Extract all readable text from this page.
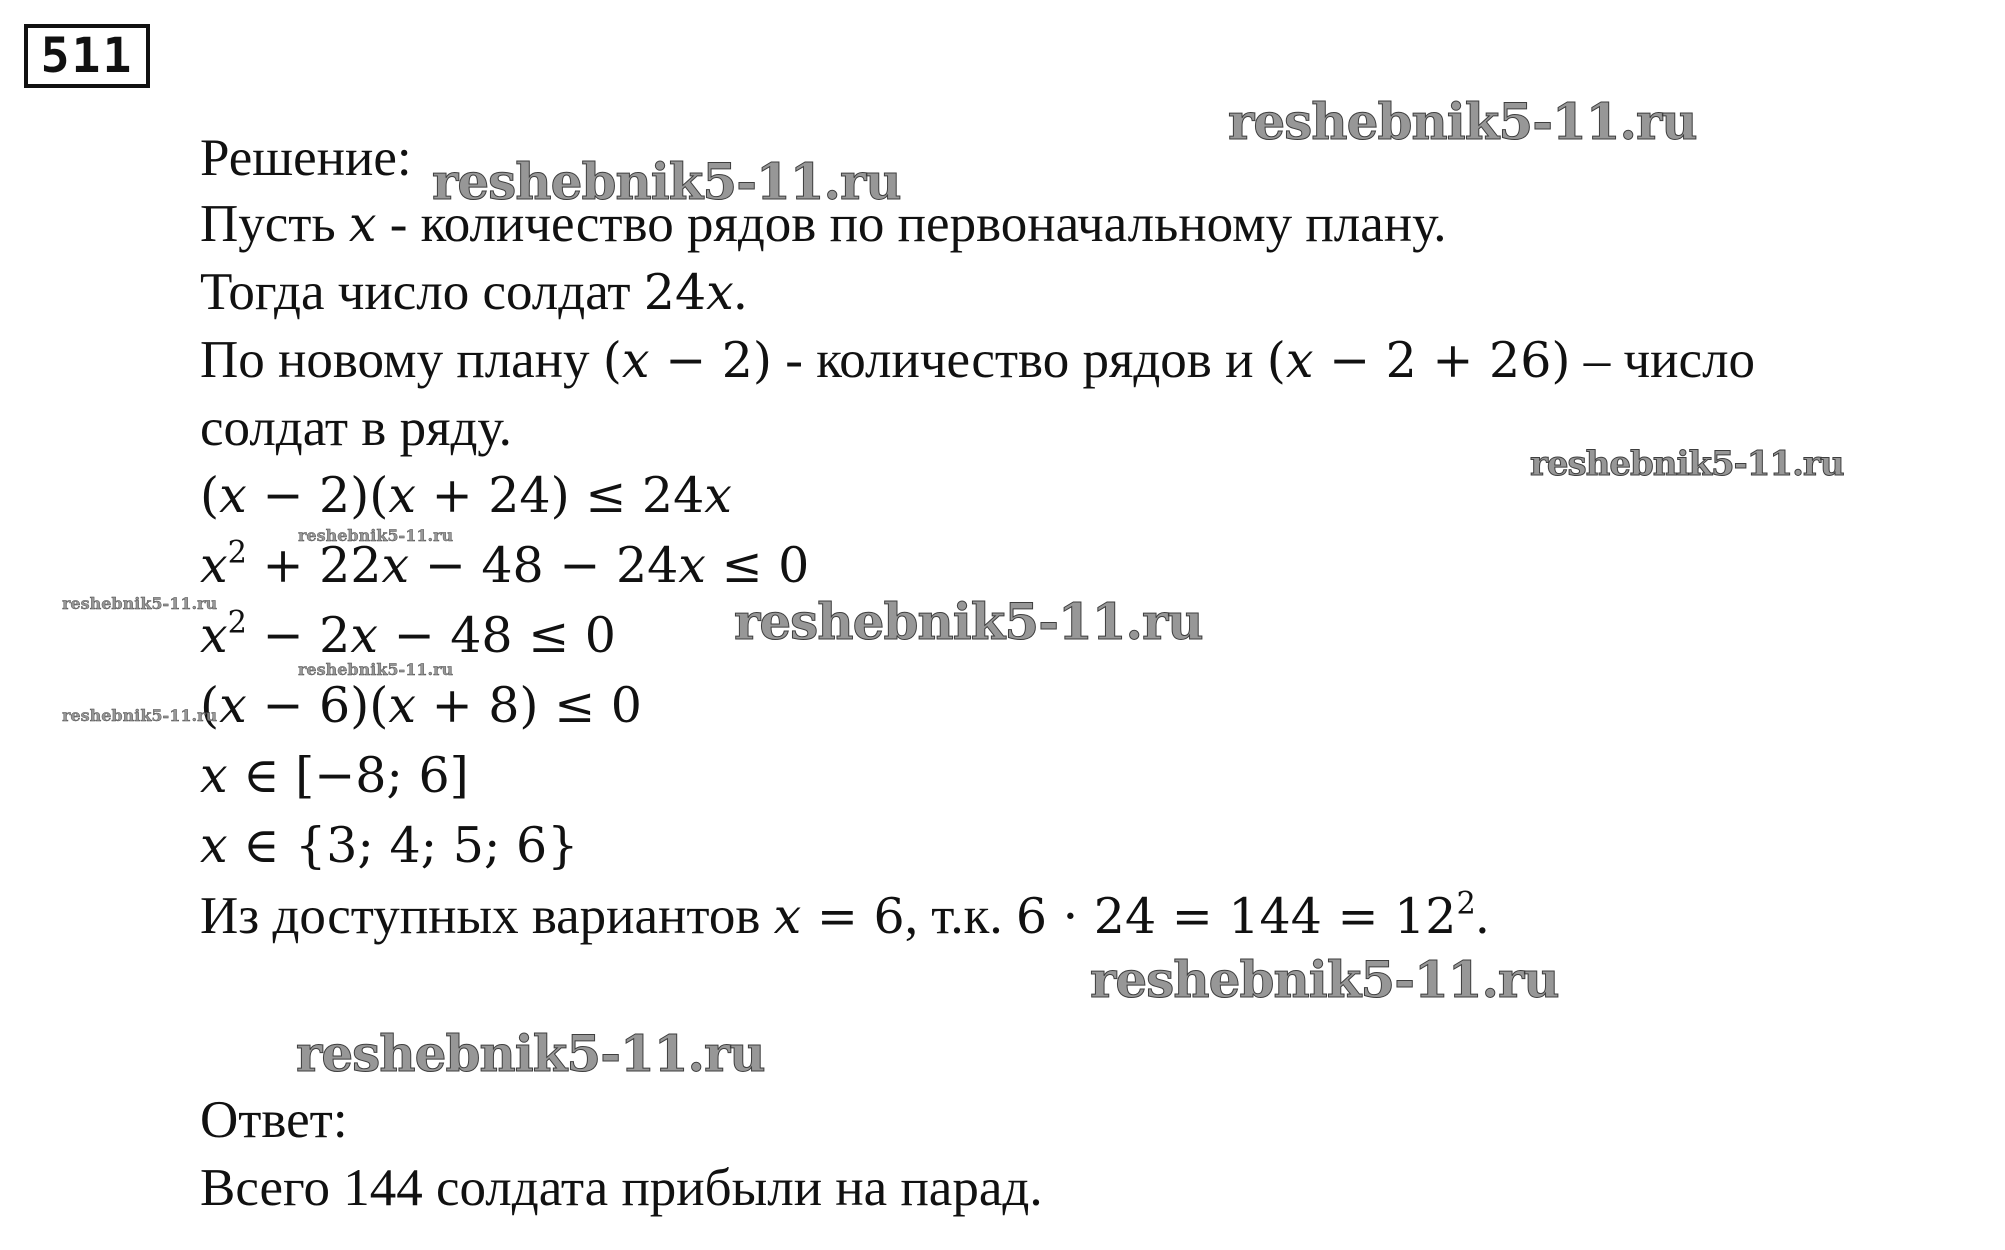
511
Решение:
Пусть x - количество рядов по первоначальному плану.
Тогда число солдат 24x.
По новому плану (x − 2) - количество рядов и (x − 2 + 26) – число
солдат в ряду.
(x − 2)(x + 24) ≤ 24x
$x^2 + 22x - 48 - 24x \le 0$
$x^2 - 2x - 48 \le 0$
(x − 6)(x + 8) ≤ 0
x ∈ [−8; 6]
x ∈ {3; 4; 5; 6}
Из доступных вариантов x = 6, т.к. $6 \cdot 24 = 144 = 12^2$.
Ответ:
Всего 144 солдата прибыли на парад.
reshebnik5-11.ru
reshebnik5-11.ru
reshebnik5-11.ru
reshebnik5-11.ru
reshebnik5-11.ru	reshebnik5-11.ru
reshebnik5-11.ru
reshebnik5-11.ru
reshebnik5-11.ru
reshebnik5-11.ru
